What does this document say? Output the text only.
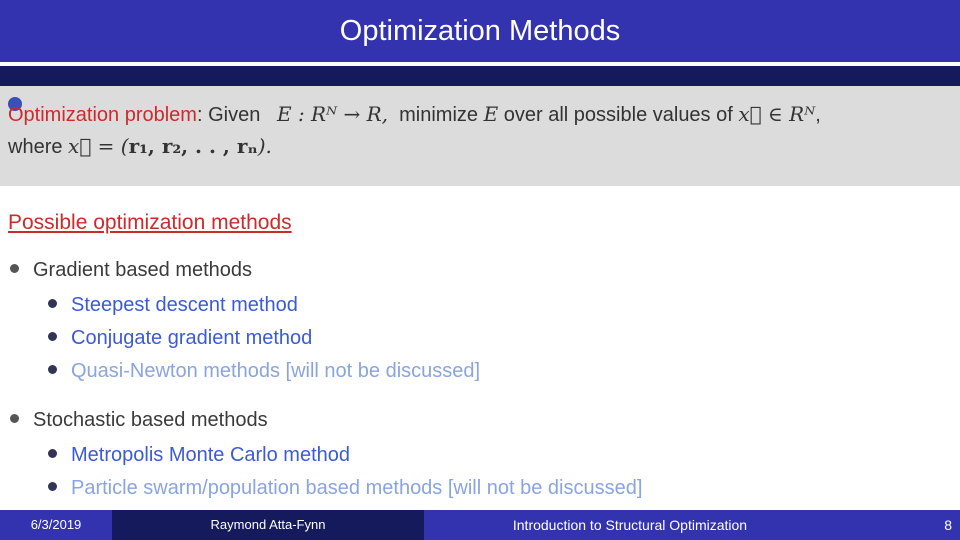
Optimization Methods
Optimization problem: Given E : Rᴺ → R, minimize E over all possible values of x⃗ ∈ Rᴺ,
where x⃗ = (r₁, r₂, . . , rₙ).
Possible optimization methods
Gradient based methods
Steepest descent method
Conjugate gradient method
Quasi-Newton methods [will not be discussed]
Stochastic based methods
Metropolis Monte Carlo method
Particle swarm/population based methods [will not be discussed]
6/3/2019	Raymond Atta-Fynn	Introduction to Structural Optimization	8
